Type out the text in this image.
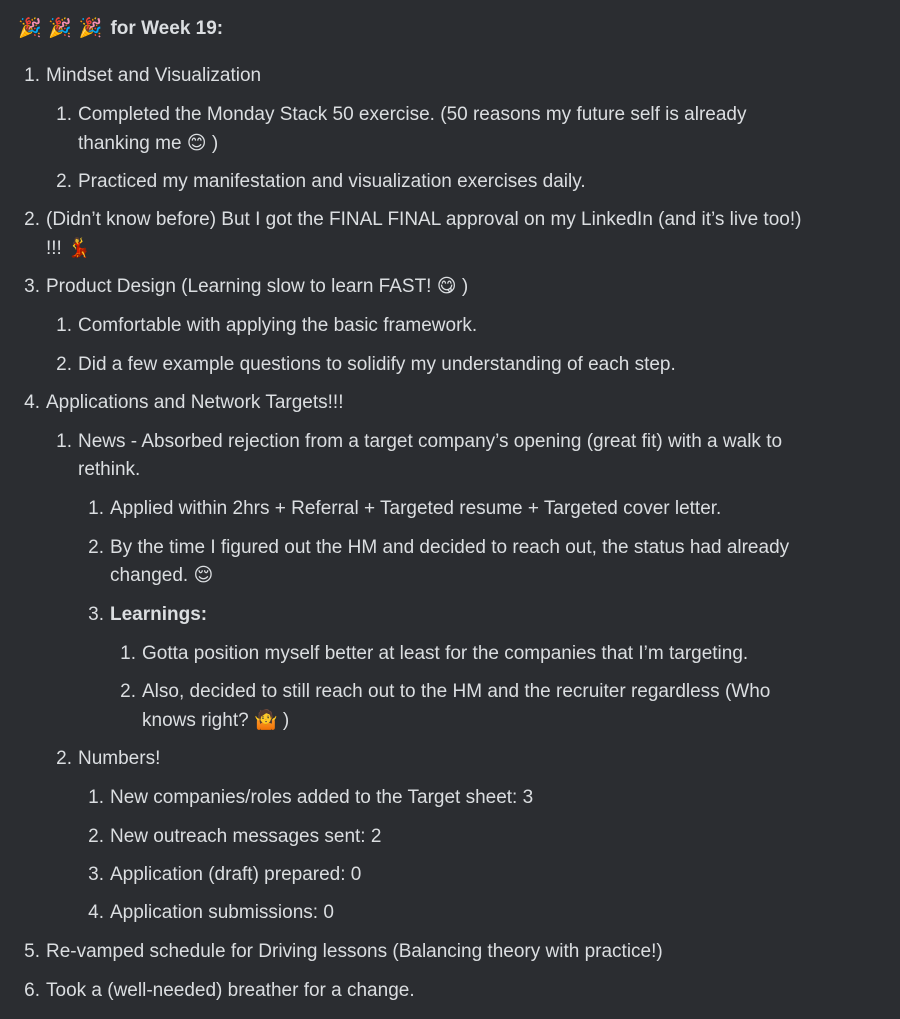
🎉 🎉 🎉 for Week 19:
1. Mindset and Visualization
1. Completed the Monday Stack 50 exercise. (50 reasons my future self is already
thanking me 😊 )
2. Practiced my manifestation and visualization exercises daily.
2. (Didn’t know before) But I got the FINAL FINAL approval on my LinkedIn (and it’s live too!)
!!! 💃
3. Product Design (Learning slow to learn FAST! 😋 )
1. Comfortable with applying the basic framework.
2. Did a few example questions to solidify my understanding of each step.
4. Applications and Network Targets!!!
1. News - Absorbed rejection from a target company’s opening (great fit) with a walk to
rethink.
1. Applied within 2hrs + Referral + Targeted resume + Targeted cover letter.
2. By the time I figured out the HM and decided to reach out, the status had already
changed. 😌
3. Learnings:
1. Gotta position myself better at least for the companies that I’m targeting.
2. Also, decided to still reach out to the HM and the recruiter regardless (Who
knows right? 🤷 )
2. Numbers!
1. New companies/roles added to the Target sheet: 3
2. New outreach messages sent: 2
3. Application (draft) prepared: 0
4. Application submissions: 0
5. Re-vamped schedule for Driving lessons (Balancing theory with practice!)
6. Took a (well-needed) breather for a change.
